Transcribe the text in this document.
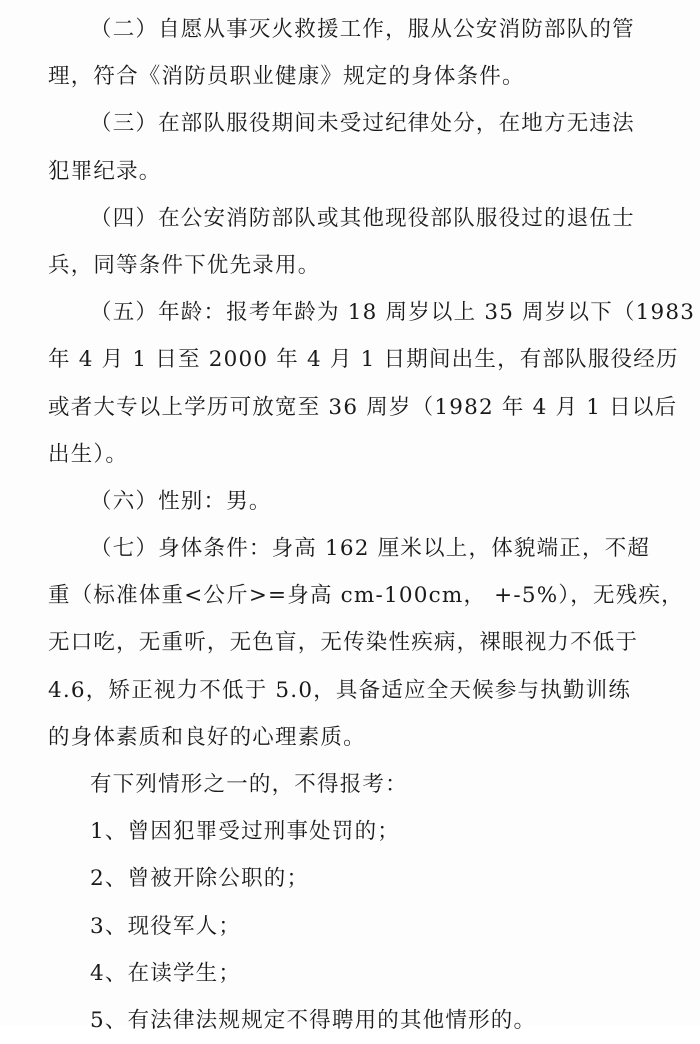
（二）自愿从事灭火救援工作，服从公安消防部队的管
理，符合《消防员职业健康》规定的身体条件。

（三）在部队服役期间未受过纪律处分，在地方无违法
犯罪纪录。

（四）在公安消防部队或其他现役部队服役过的退伍士
兵，同等条件下优先录用。

（五）年龄：报考年龄为 18 周岁以上 35 周岁以下（1983
年 4 月 1 日至 2000 年 4 月 1 日期间出生，有部队服役经历
或者大专以上学历可放宽至 36 周岁（1982 年 4 月 1 日以后
出生）。

（六）性别：男。

（七）身体条件：身高 162 厘米以上，体貌端正，不超
重（标准体重<公斤>=身高 cm-100cm， +-5%），无残疾，
无口吃，无重听，无色盲，无传染性疾病，裸眼视力不低于
4.6，矫正视力不低于 5.0，具备适应全天候参与执勤训练
的身体素质和良好的心理素质。

有下列情形之一的，不得报考：

1、曾因犯罪受过刑事处罚的；

2、曾被开除公职的；

3、现役军人；

4、在读学生；

5、有法律法规规定不得聘用的其他情形的。
